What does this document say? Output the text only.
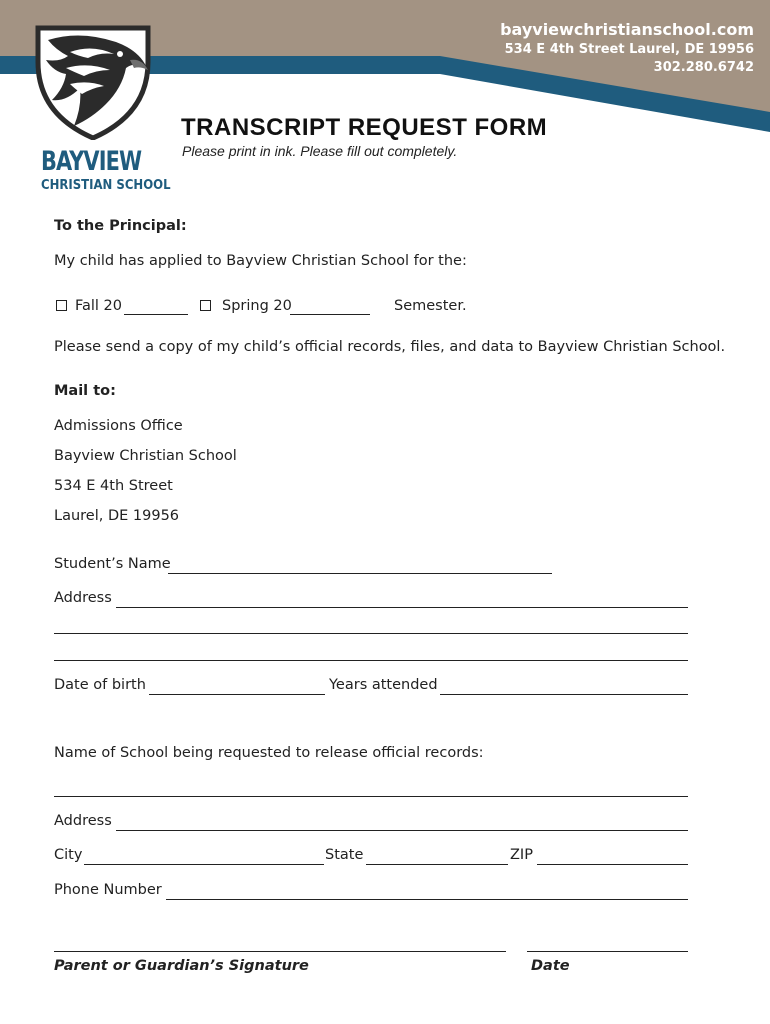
bayviewchristianschool.com
534 E 4th Street Laurel, DE 19956
302.280.6742
BAYVIEW
CHRISTIAN SCHOOL
TRANSCRIPT REQUEST FORM
Please print in ink. Please fill out completely.
To the Principal:
My child has applied to Bayview Christian School for the:
Fall 20	Spring 20	Semester.
Please send a copy of my child’s official records, files, and data to Bayview Christian School.
Mail to:
Admissions Office
Bayview Christian School
534 E 4th Street
Laurel, DE 19956
Student’s Name
Address
Date of birth	Years attended
Name of School being requested to release official records:
Address
City	State	ZIP
Phone Number
Parent or Guardian’s Signature	Date
